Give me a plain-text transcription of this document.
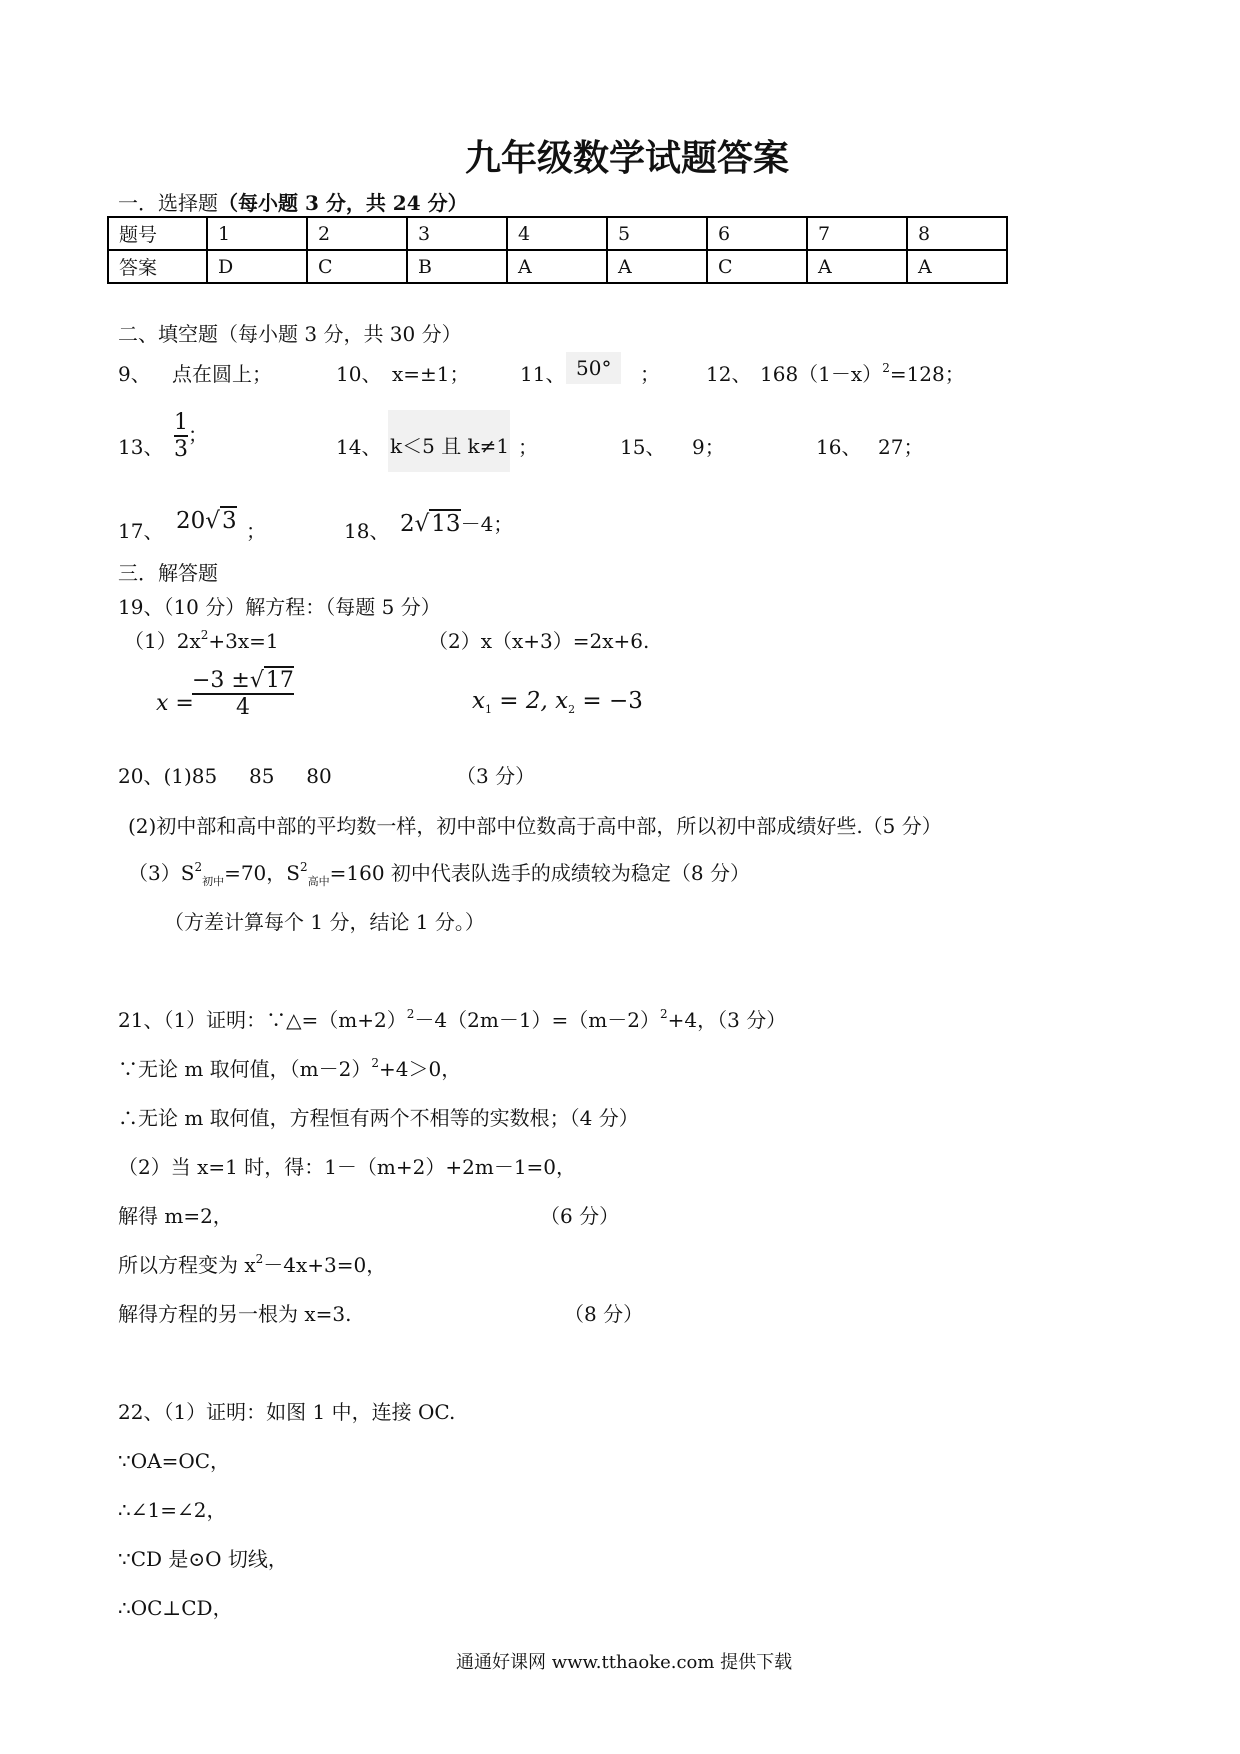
九年级数学试题答案
一．选择题（每小题 3 分，共 24 分）
题号	1	2	3	4	5	6	7	8
答案	D	C	B	A	A	C	A	A
二、填空题（每小题 3 分，共 30 分）
9、 点在圆上；	10、 x=±1；	11、 50°	； 12、 $168(1-x)^2=128$；
13、 $\frac{1}{3}$ ；
14、 k＜5 且 k≠1 ；	15、 9；	16、 27；
17、 20√3 ；	18、 2√13－4；
三．解答题
19、（10 分）解方程：（每题 5 分）
$(1)2x^2+3x=1$	（2）x（x+3）=2x+6.
x =
$\frac{-3 \pm√17}{4}$	$x_1 = 2$, $x_2 = -3$
20、(1)85     85     80	（3 分）
(2)初中部和高中部的平均数一样，初中部中位数高于高中部，所以初中部成绩好些.（5 分）
$(3)S^2_{初中}=70$，$S^2_{高中}=160$ 初中代表队选手的成绩较为稳定（8 分）
（方差计算每个 1 分，结论 1 分。）
21、（1）证明：$\because\triangle=(m+2)^2-4(2m-1)=(m-2)^2+4$，（3 分）
∵无论 m 取何值，$(m-2)^2+4>0$，
∴无论 m 取何值，方程恒有两个不相等的实数根；（4 分）
（2）当 x=1 时，得：1－（m+2）+2m－1=0，
解得 m=2，	（6 分）
所以方程变为 $x^2-4x+3=0$，
解得方程的另一根为 x=3.	（8 分）
22、（1）证明：如图 1 中，连接 OC.
∵OA=OC，
∴∠1=∠2，
∵CD 是⊙O 切线，
∴OC⊥CD，
通通好课网 www.tthaoke.com 提供下载
